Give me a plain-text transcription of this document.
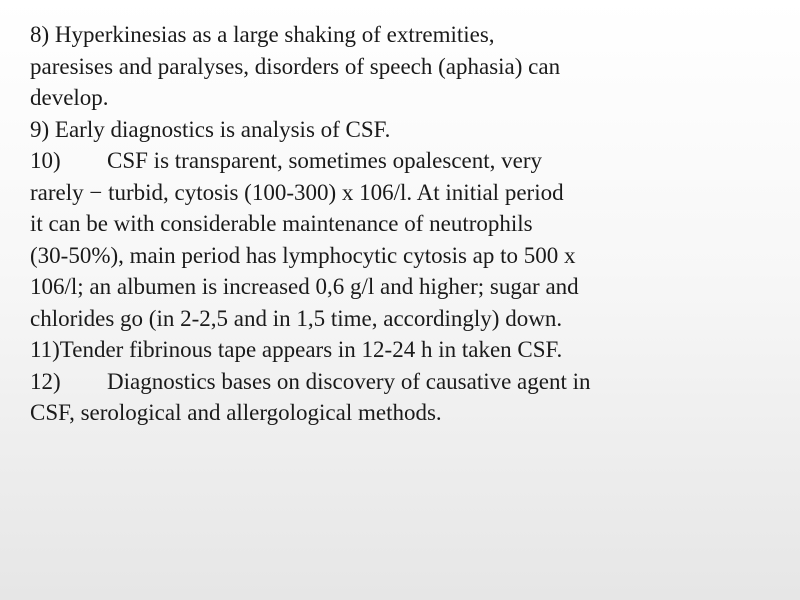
8) Hyperkinesias as a large shaking of extremities,
paresises and paralyses, disorders of speech (aphasia) can
develop.
9) Early diagnostics is analysis of CSF.
10) CSF is transparent, sometimes opalescent, very
rarely − turbid, cytosis (100-300) x 106/l. At initial period
it can be with considerable maintenance of neutrophils
(30-50%), main period has lymphocytic cytosis ap to 500 x
106/l; an albumen is increased 0,6 g/l and higher; sugar and
chlorides go (in 2-2,5 and in 1,5 time, accordingly) down.
11)Tender fibrinous tape appears in 12-24 h in taken CSF.
12) Diagnostics bases on discovery of causative agent in
CSF, serological and allergological methods.
